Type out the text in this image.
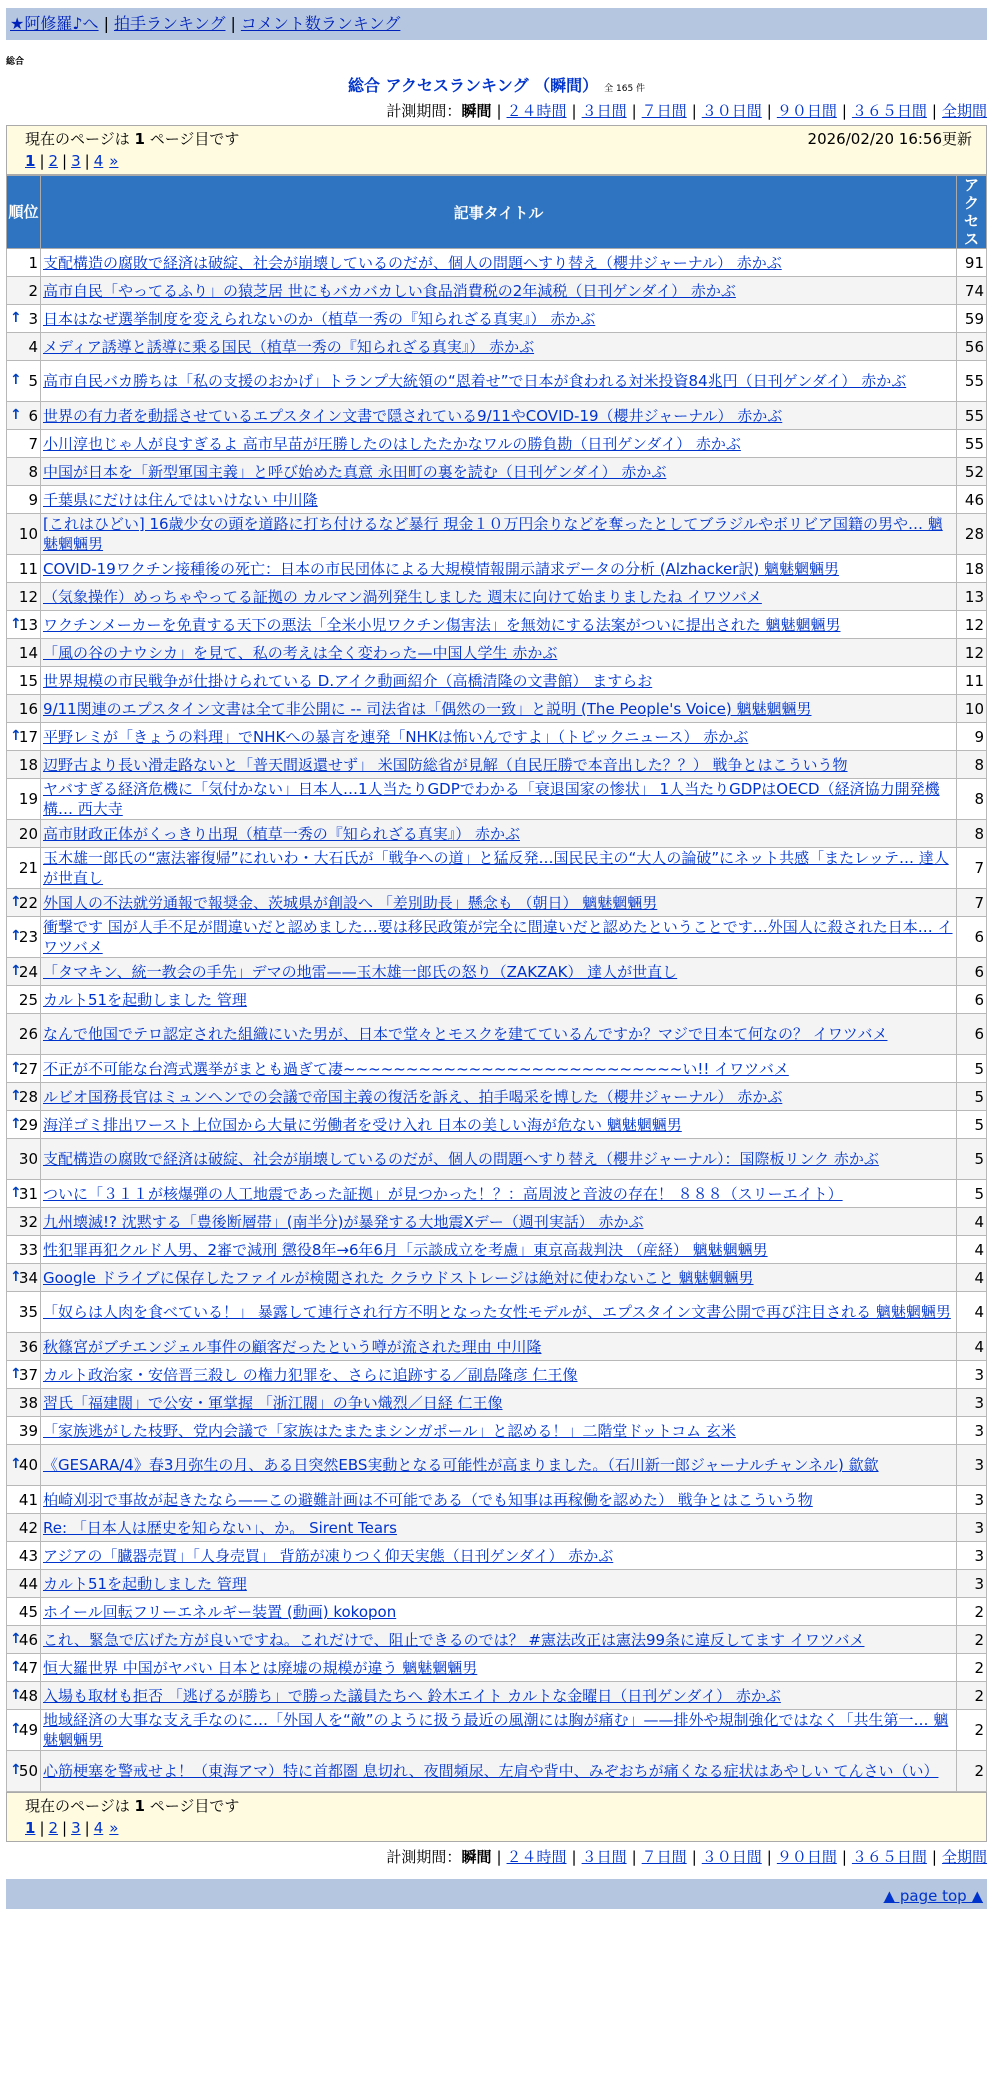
★阿修羅♪へ | 拍手ランキング | コメント数ランキング
総合
総合 アクセスランキング （瞬間） 全 165 件
計測期間：瞬間 | ２４時間 | ３日間 | ７日間 | ３０日間 | ９０日間 | ３６５日間 | 全期間
現在のページは 1 ページ目です	2026/02/20 16:56更新
1 | 2 | 3 | 4 »
順位	記事タイトル	アクセス
1	支配構造の腐敗で経済は破綻、社会が崩壊しているのだが、個人の問題へすり替え（櫻井ジャーナル） 赤かぶ	91
2	高市自民「やってるふり」の猿芝居 世にもバカバカしい食品消費税の2年減税（日刊ゲンダイ） 赤かぶ	74

↑ 3	日本はなぜ選挙制度を変えられないのか（植草一秀の『知られざる真実』） 赤かぶ	59
4	メディア誘導と誘導に乗る国民（植草一秀の『知られざる真実』） 赤かぶ	56

↑ 5	高市自民バカ勝ちは「私の支援のおかげ」トランプ大統領の“恩着せ”で日本が食われる対米投資84兆円（日刊ゲンダイ） 赤かぶ	55

↑ 6	世界の有力者を動揺させているエプスタイン文書で隠されている9/11やCOVID-19（櫻井ジャーナル） 赤かぶ	55
7	小川淳也じゃ人が良すぎるよ 高市早苗が圧勝したのはしたたかなワルの勝負勘（日刊ゲンダイ） 赤かぶ	55
8	中国が日本を「新型軍国主義」と呼び始めた真意 永田町の裏を読む（日刊ゲンダイ） 赤かぶ	52
9	千葉県にだけは住んではいけない 中川隆	46
10	[これはひどい] 16歳少女の頭を道路に打ち付けるなど暴行 現金１０万円余りなどを奪ったとしてブラジルやボリビア国籍の男や… 魑魅魍魎男	28
11	COVID-19ワクチン接種後の死亡：日本の市民団体による大規模情報開示請求データの分析 (Alzhacker訳) 魑魅魍魎男	18
12	（気象操作）めっちゃやってる証拠の カルマン渦列発生しました 週末に向けて始まりましたね イワツバメ	13

↑
13	ワクチンメーカーを免責する天下の悪法「全米小児ワクチン傷害法」を無効にする法案がついに提出された 魑魅魍魎男	12
14	「風の谷のナウシカ」を見て、私の考えは全く変わった—中国人学生 赤かぶ	12
15	世界規模の市民戦争が仕掛けられている D.アイク動画紹介（高橋清隆の文書館） ますらお	11
16	9/11関連のエプスタイン文書は全て非公開に -- 司法省は「偶然の一致」と説明 (The People's Voice) 魑魅魍魎男	10

↑
17	平野レミが「きょうの料理」でNHKへの暴言を連発「NHKは怖いんですよ」（トピックニュース） 赤かぶ	9
18	辺野古より長い滑走路ないと「普天間返還せず」 米国防総省が見解（自民圧勝で本音出した？？） 戦争とはこういう物	8
19	ヤバすぎる経済危機に「気付かない」日本人…1人当たりGDPでわかる「衰退国家の惨状」 1人当たりGDPはOECD（経済協力開発機構… 西大寺	8
20	高市財政正体がくっきり出現（植草一秀の『知られざる真実』） 赤かぶ	8
21	玉木雄一郎氏の“憲法審復帰”にれいわ・大石氏が「戦争への道」と猛反発…国民民主の“大人の論破”にネット共感「またレッテ… 達人が世直し	7

↑
22	外国人の不法就労通報で報奨金、茨城県が創設へ 「差別助長」懸念も （朝日） 魑魅魍魎男	7

↑
23	衝撃です 国が人手不足が間違いだと認めました…要は移民政策が完全に間違いだと認めたということです…外国人に殺された日本… イワツバメ	6

↑
24	「タマキン、統一教会の手先」デマの地雷——玉木雄一郎氏の怒り（ZAKZAK） 達人が世直し	6
25	カルト51を起動しました 管理	6
26	なんで他国でテロ認定された組織にいた男が、日本で堂々とモスクを建てているんですか？マジで日本て何なの？ イワツバメ	6

↑
27	不正が不可能な台湾式選挙がまとも過ぎて凄~~~~~~~~~~~~~~~~~~~~~~~~~~~い!! イワツバメ	5

↑
28	ルビオ国務長官はミュンヘンでの会議で帝国主義の復活を訴え、拍手喝采を博した（櫻井ジャーナル） 赤かぶ	5

↑
29	海洋ゴミ排出ワースト上位国から大量に労働者を受け入れ 日本の美しい海が危ない 魑魅魍魎男	5
30	支配構造の腐敗で経済は破綻、社会が崩壊しているのだが、個人の問題へすり替え（櫻井ジャーナル）：国際板リンク 赤かぶ	5

↑
31	ついに「３１１が核爆弾の人工地震であった証拠」が見つかった！？：高周波と音波の存在！ ８８８（スリーエイト）	5
32	九州壊滅!? 沈黙する「豊後断層帯」(南半分)が暴発する大地震Xデー（週刊実話） 赤かぶ	4
33	性犯罪再犯クルド人男、2審で減刑 懲役8年→6年6月「示談成立を考慮」東京高裁判決 （産経） 魑魅魍魎男	4

↑
34	Google ドライブに保存したファイルが検閲された クラウドストレージは絶対に使わないこと 魑魅魍魎男	4
35	「奴らは人肉を食べている！」 暴露して連行され行方不明となった女性モデルが、エプスタイン文書公開で再び注目される 魑魅魍魎男	4
36	秋篠宮がブチエンジェル事件の顧客だったという噂が流された理由 中川隆	4

↑
37	カルト政治家・安倍晋三殺し の権力犯罪を、さらに追跡する／副島隆彦 仁王像	3
38	習氏「福建閥」で公安・軍掌握 「浙江閥」の争い熾烈／日経 仁王像	3
39	「家族逃がした枝野、党内会議で「家族はたまたまシンガポール」と認める！」二階堂ドットコム 玄米	3

↑
40	《GESARA/4》春3月弥生の月、ある日突然EBS実動となる可能性が高まりました。（石川新一郎ジャーナルチャンネル) 歙歙	3
41	柏崎刈羽で事故が起きたなら——この避難計画は不可能である（でも知事は再稼働を認めた） 戦争とはこういう物	3
42	Re: 「日本人は歴史を知らない」、か。 Sirent Tears	3
43	アジアの「臓器売買」「人身売買」 背筋が凍りつく仰天実態（日刊ゲンダイ） 赤かぶ	3
44	カルト51を起動しました 管理	3
45	ホイール回転フリーエネルギー装置 (動画) kokopon	2

↑
46	これ、緊急で広げた方が良いですね。これだけで、阻止できるのでは？ #憲法改正は憲法99条に違反してます イワツバメ	2

↑
47	恒大羅世界 中国がヤバい 日本とは廃墟の規模が違う 魑魅魍魎男	2

↑
48	入場も取材も拒否 「逃げるが勝ち」で勝った議員たちへ 鈴木エイト カルトな金曜日（日刊ゲンダイ） 赤かぶ	2

↑
49	地域経済の大事な支え手なのに…「外国人を“敵”のように扱う最近の風潮には胸が痛む」——排外や規制強化ではなく「共生第一… 魑魅魍魎男	2

↑
50	心筋梗塞を警戒せよ！（東海アマ）特に首都圏 息切れ、夜間頻尿、左肩や背中、みぞおちが痛くなる症状はあやしい てんさい（い）	2
現在のページは 1 ページ目です
1 | 2 | 3 | 4 »
計測期間：瞬間 | ２４時間 | ３日間 | ７日間 | ３０日間 | ９０日間 | ３６５日間 | 全期間
▲ page top ▲
